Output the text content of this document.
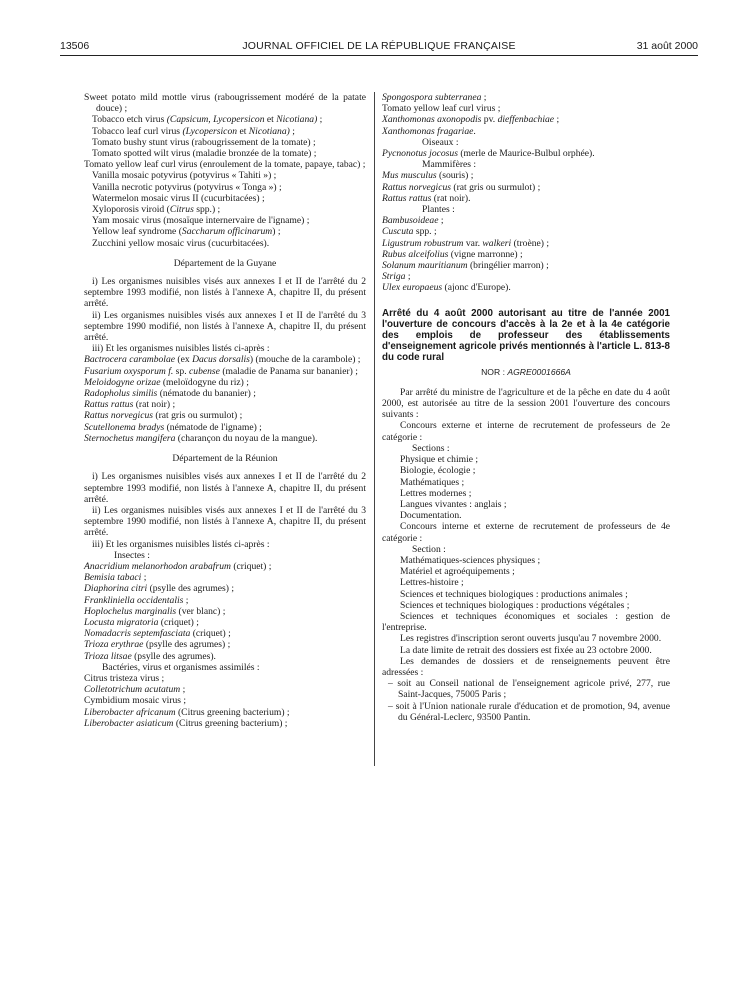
JOURNAL OFFICIEL DE LA RÉPUBLIQUE FRANÇAISE
13506	31 août 2000

Sweet potato mild mottle virus (rabougrissement modéré de la patate douce) ;

Tobacco etch virus (Capsicum, Lycopersicon et Nicotiana) ;

Tobacco leaf curl virus (Lycopersicon et Nicotiana) ;

Tomato bushy stunt virus (rabougrissement de la tomate) ;

Tomato spotted wilt virus (maladie bronzée de la tomate) ;

Tomato yellow leaf curl virus (enroulement de la tomate, papaye, tabac) ;

Vanilla mosaic potyvirus (potyvirus « Tahiti ») ;

Vanilla necrotic potyvirus (potyvirus « Tonga ») ;

Watermelon mosaic virus II (cucurbitacées) ;

Xyloporosis viroid (Citrus spp.) ;

Yam mosaic virus (mosaïque internervaire de l'igname) ;

Yellow leaf syndrome (Saccharum officinarum) ;

Zucchini yellow mosaic virus (cucurbitacées).

Département de la Guyane

i) Les organismes nuisibles visés aux annexes I et II de l'arrêté du 2 septembre 1993 modifié, non listés à l'annexe A, chapitre II, du présent arrêté.

ii) Les organismes nuisibles visés aux annexes I et II de l'arrêté du 3 septembre 1990 modifié, non listés à l'annexe A, chapitre II, du présent arrêté.

iii) Et les organismes nuisibles listés ci-après :

Bactrocera carambolae (ex Dacus dorsalis) (mouche de la carambole) ;

Fusarium oxysporum f. sp. cubense (maladie de Panama sur bananier) ;

Meloidogyne orizae (meloïdogyne du riz) ;

Radopholus similis (nématode du bananier) ;

Rattus rattus (rat noir) ;

Rattus norvegicus (rat gris ou surmulot) ;

Scutellonema bradys (nématode de l'igname) ;

Sternochetus mangifera (charançon du noyau de la mangue).

Département de la Réunion

i) Les organismes nuisibles visés aux annexes I et II de l'arrêté du 2 septembre 1993 modifié, non listés à l'annexe A, chapitre II, du présent arrêté.

ii) Les organismes nuisibles visés aux annexes I et II de l'arrêté du 3 septembre 1990 modifié, non listés à l'annexe A, chapitre II, du présent arrêté.

iii) Et les organismes nuisibles listés ci-après :

Insectes :

Anacridium melanorhodon arabafrum (criquet) ;

Bemisia tabaci ;

Diaphorina citri (psylle des agrumes) ;

Frankliniella occidentalis ;

Hoplochelus marginalis (ver blanc) ;

Locusta migratoria (criquet) ;

Nomadacris septemfasciata (criquet) ;

Trioza erythrae (psylle des agrumes) ;

Trioza litsae (psylle des agrumes).

Bactéries, virus et organismes assimilés :

Citrus tristeza virus ;

Colletotrichum acutatum ;

Cymbidium mosaic virus ;

Liberobacter africanum (Citrus greening bacterium) ;

Liberobacter asiaticum (Citrus greening bacterium) ;

Spongospora subterranea ;

Tomato yellow leaf curl virus ;

Xanthomonas axonopodis pv. dieffenbachiae ;

Xanthomonas fragariae.

Oiseaux :

Pycnonotus jocosus (merle de Maurice-Bulbul orphée).

Mammifères :

Mus musculus (souris) ;

Rattus norvegicus (rat gris ou surmulot) ;

Rattus rattus (rat noir).

Plantes :

Bambusoideae ;

Cuscuta spp. ;

Ligustrum robustrum var. walkeri (troène) ;

Rubus alceifolius (vigne marronne) ;

Solanum mauritianum (bringélier marron) ;

Striga ;

Ulex europaeus (ajonc d'Europe).

Arrêté du 4 août 2000 autorisant au titre de l'année 2001 l'ouverture de concours d'accès à la 2e et à la 4e catégorie des emplois de professeur des établissements d'enseignement agricole privés mentionnés à l'article L. 813-8 du code rural

NOR : AGRE0001666A

Par arrêté du ministre de l'agriculture et de la pêche en date du 4 août 2000, est autorisée au titre de la session 2001 l'ouverture des concours suivants :

Concours externe et interne de recrutement de professeurs de 2e catégorie :

Sections :

Physique et chimie ;

Biologie, écologie ;

Mathématiques ;

Lettres modernes ;

Langues vivantes : anglais ;

Documentation.

Concours interne et externe de recrutement de professeurs de 4e catégorie :

Section :

Mathématiques-sciences physiques ;

Matériel et agroéquipements ;

Lettres-histoire ;

Sciences et techniques biologiques : productions animales ;

Sciences et techniques biologiques : productions végétales ;

Sciences et techniques économiques et sociales : gestion de l'entreprise.

Les registres d'inscription seront ouverts jusqu'au 7 novembre 2000.

La date limite de retrait des dossiers est fixée au 23 octobre 2000.

Les demandes de dossiers et de renseignements peuvent être adressées :

– soit au Conseil national de l'enseignement agricole privé, 277, rue Saint-Jacques, 75005 Paris ;

– soit à l'Union nationale rurale d'éducation et de promotion, 94, avenue du Général-Leclerc, 93500 Pantin.
